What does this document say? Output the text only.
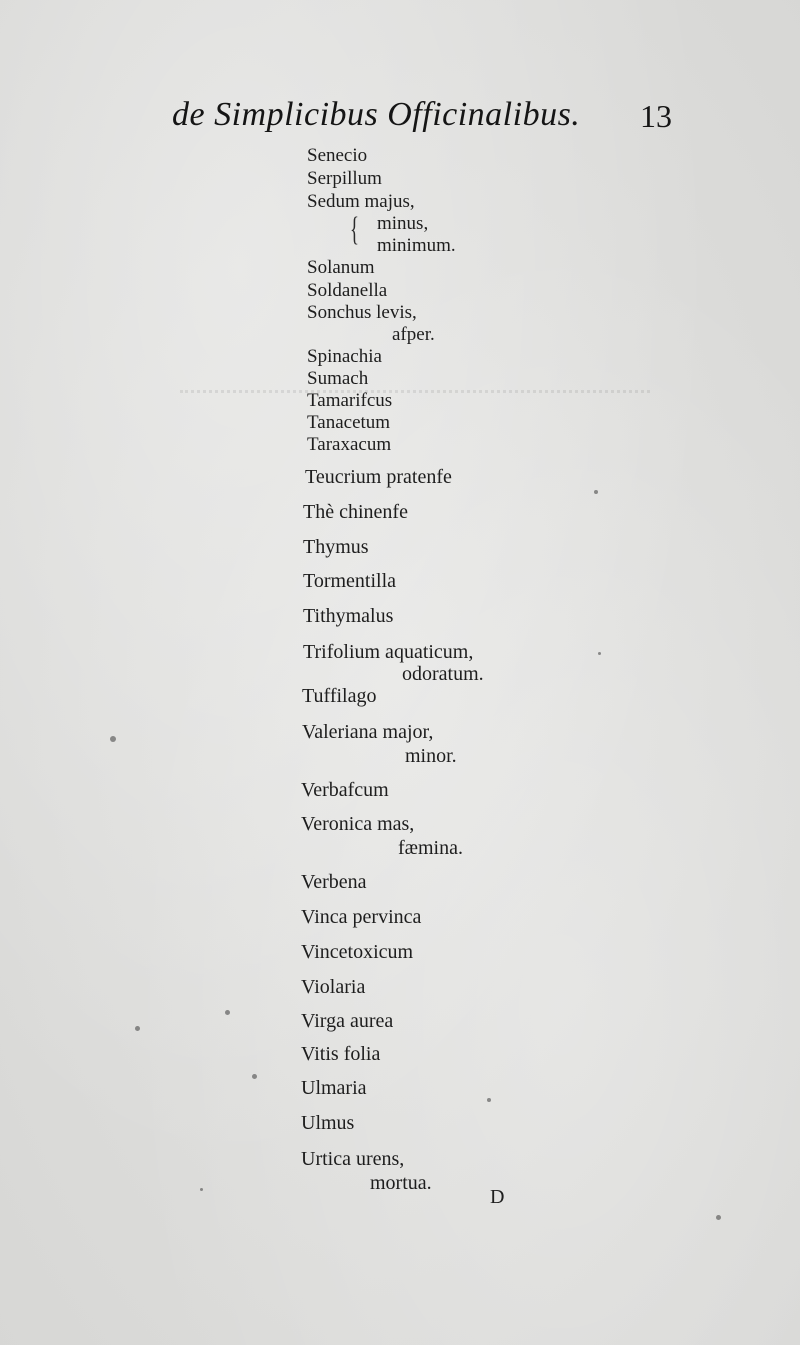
de Simplicibus Officinalibus. 13
Senecio
Serpillum
Sedum majus,
minus,
minimum.
Solanum
Soldanella
Sonchus levis,
afper.
Spinachia
Sumach
Tamarifcus
Tanacetum
Taraxacum
{
Teucrium pratenfe
Thè chinenfe
Thymus
Tormentilla
Tithymalus
Trifolium aquaticum,
odoratum.
Tuffilago
Valeriana major,
minor.
Verbafcum
Veronica mas,
fæmina.
Verbena
Vinca pervinca
Vincetoxicum
Violaria
Virga aurea
Vitis folia
Ulmaria
Ulmus
Urtica urens,
mortua.
D
